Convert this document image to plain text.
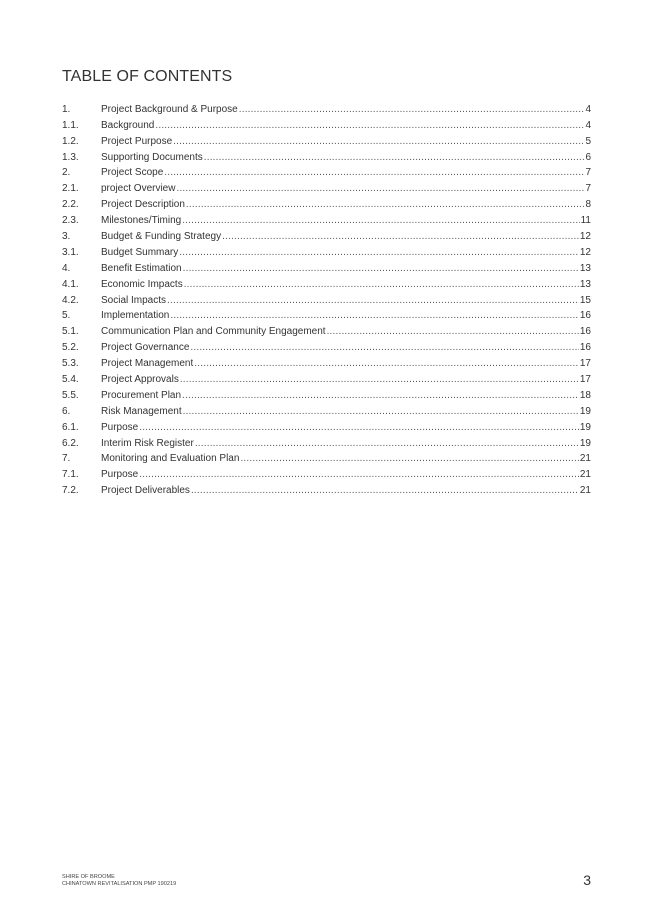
TABLE OF CONTENTS
1.	Project Background & Purpose .....	4
1.1.	Background .....	4
1.2.	Project Purpose .....	5
1.3.	Supporting Documents .....	6
2.	Project Scope .....	7
2.1.	project Overview .....	7
2.2.	Project Description .....	8
2.3.	Milestones/Timing .....	11
3.	Budget & Funding Strategy .....	12
3.1.	Budget Summary .....	12
4.	Benefit Estimation .....	13
4.1.	Economic Impacts .....	13
4.2.	Social Impacts .....	15
5.	Implementation .....	16
5.1.	Communication Plan and Community Engagement .....	16
5.2.	Project Governance .....	16
5.3.	Project Management .....	17
5.4.	Project Approvals .....	17
5.5.	Procurement Plan .....	18
6.	Risk Management .....	19
6.1.	Purpose .....	19
6.2.	Interim Risk Register .....	19
7.	Monitoring and Evaluation Plan .....	21
7.1.	Purpose .....	21
7.2.	Project Deliverables .....	21
SHIRE OF BROOME
CHINATOWN REVITALISATION PMP 190219	3
